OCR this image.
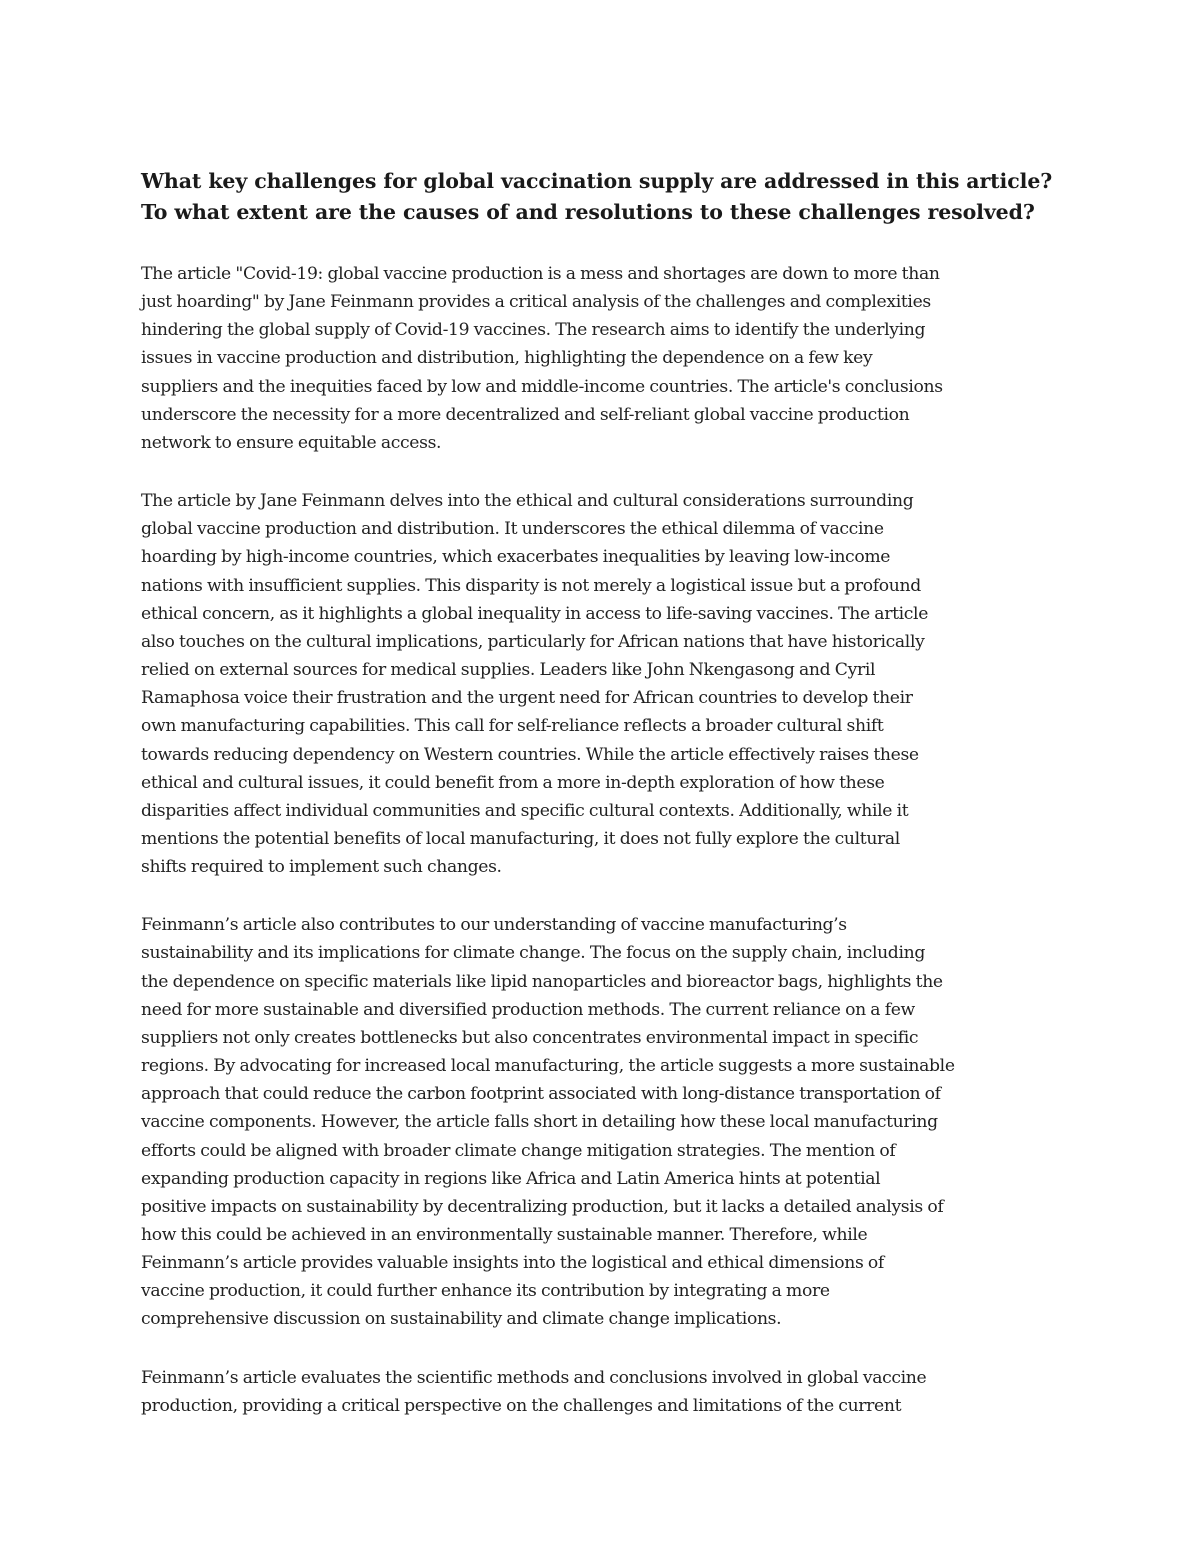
What key challenges for global vaccination supply are addressed in this article?
To what extent are the causes of and resolutions to these challenges resolved?

The article "Covid-19: global vaccine production is a mess and shortages are down to more than
just hoarding" by Jane Feinmann provides a critical analysis of the challenges and complexities
hindering the global supply of Covid-19 vaccines. The research aims to identify the underlying
issues in vaccine production and distribution, highlighting the dependence on a few key
suppliers and the inequities faced by low and middle-income countries. The article's conclusions
underscore the necessity for a more decentralized and self-reliant global vaccine production
network to ensure equitable access.

The article by Jane Feinmann delves into the ethical and cultural considerations surrounding
global vaccine production and distribution. It underscores the ethical dilemma of vaccine
hoarding by high-income countries, which exacerbates inequalities by leaving low-income
nations with insufficient supplies. This disparity is not merely a logistical issue but a profound
ethical concern, as it highlights a global inequality in access to life-saving vaccines. The article
also touches on the cultural implications, particularly for African nations that have historically
relied on external sources for medical supplies. Leaders like John Nkengasong and Cyril
Ramaphosa voice their frustration and the urgent need for African countries to develop their
own manufacturing capabilities. This call for self-reliance reflects a broader cultural shift
towards reducing dependency on Western countries. While the article effectively raises these
ethical and cultural issues, it could benefit from a more in-depth exploration of how these
disparities affect individual communities and specific cultural contexts. Additionally, while it
mentions the potential benefits of local manufacturing, it does not fully explore the cultural
shifts required to implement such changes.

Feinmann’s article also contributes to our understanding of vaccine manufacturing’s
sustainability and its implications for climate change. The focus on the supply chain, including
the dependence on specific materials like lipid nanoparticles and bioreactor bags, highlights the
need for more sustainable and diversified production methods. The current reliance on a few
suppliers not only creates bottlenecks but also concentrates environmental impact in specific
regions. By advocating for increased local manufacturing, the article suggests a more sustainable
approach that could reduce the carbon footprint associated with long-distance transportation of
vaccine components. However, the article falls short in detailing how these local manufacturing
efforts could be aligned with broader climate change mitigation strategies. The mention of
expanding production capacity in regions like Africa and Latin America hints at potential
positive impacts on sustainability by decentralizing production, but it lacks a detailed analysis of
how this could be achieved in an environmentally sustainable manner. Therefore, while
Feinmann’s article provides valuable insights into the logistical and ethical dimensions of
vaccine production, it could further enhance its contribution by integrating a more
comprehensive discussion on sustainability and climate change implications.

Feinmann’s article evaluates the scientific methods and conclusions involved in global vaccine
production, providing a critical perspective on the challenges and limitations of the current
